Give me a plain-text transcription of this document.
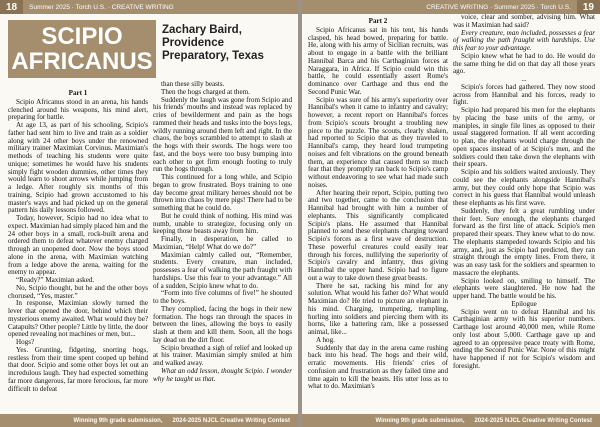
18	Summer 2025 · Torch U.S. · CREATIVE WRITING
SCIPIO
AFRICANUS
Zachary Baird, Providence Preparatory, Texas

Part 1

Scipio Africanus stood in an arena, his hands clenched around his weapons, his mind alert, preparing for battle.

At age 13, as part of his schooling, Scipio's father had sent him to live and train as a soldier along with 24 other boys under the renowned military trainer Maximian Corvinus. Maximian's methods of teaching his students were quite unique; sometimes he would have his students simply fight wooden dummies, other times they would learn to shoot arrows while jumping from a ledge. After roughly six months of this training, Scipio had grown accustomed to his master's ways and had picked up on the general pattern his daily lessons followed.

Today, however, Scipio had no idea what to expect. Maximian had simply placed him and the 24 other boys in a small, rock-built arena and ordered them to defeat whatever enemy charged through an unopened door. Now the boys stood alone in the arena, with Maximian watching from a ledge above the arena, waiting for the enemy to appear.

“Ready?” Maximian asked.

No, Scipio thought, but he and the other boys chorused, “Yes, master.”

In response, Maximian slowly turned the lever that opened the door, behind which their mysterious enemy awaited. What would they be? Catapults? Other people? Little by little, the door opened revealing not machines or men, but...

Hogs?

Yes. Grunting, fidgeting, snorting hogs, restless from their time spent cooped up behind that door. Scipio and some other boys let out an incredulous laugh. They had expected something far more dangerous, far more ferocious, far more difficult to defeat

than these silly beasts.

Then the hogs charged at them.

Suddenly the laugh was gone from Scipio and his friends' mouths and instead was replaced by cries of bewilderment and pain as the hogs rammed their heads and tusks into the boys legs, wildly running around them left and right. In the chaos, the boys scrambled to attempt to slash at the hogs with their swords. The hogs were too fast, and the boys were too busy bumping into each other to get firm enough footing to truly run the hogs through.

This continued for a long while, and Scipio began to grow frustrated. Boys training to one day become great military heroes should not be thrown into chaos by mere pigs! There had to be something that he could do.

But he could think of nothing. His mind was numb, unable to strategize, focusing only on keeping those beasts away from him.

Finally, in desperation, he called to Maximian, “Help! What do we do?”

Maximian calmly called out, “Remember, students. Every creature, man included, possesses a fear of walking the path fraught with hardships. Use this fear to your advantage.” All of a sudden, Scipio knew what to do.

“Form into five columns of five!” he shouted to the boys.

They complied, facing the hogs in their new formation. The hogs ran through the spaces in between the lines, allowing the boys to easily slash at them and kill them. Soon, all the hogs lay dead on the dirt floor.

Scipio breathed a sigh of relief and looked up at his trainer. Maximian simply smiled at him and walked away.

What an odd lesson, thought Scipio. I wonder why he taught us that.

Winning 9th grade submission, 2024-2025 NJCL Creative Writing Contest
CREATIVE WRITING · Summer 2025 · Torch U.S.	19

Part 2

Scipio Africanus sat in his tent, his hands clasped, his head bowed, preparing for battle. He, along with his army of Sicilian recruits, was about to engage in a battle with the brilliant Hannibal Barca and his Carthaginian forces at Naraggara, in Africa. If Scipio could win this battle, he could essentially assert Rome's dominance over Carthage and thus end the Second Punic War.

Scipio was sure of his army's superiority over Hannibal's when it came to infantry and cavalry; however, a recent report on Hannibal's forces from Scipio's scouts brought a troubling new piece to the puzzle. The scouts, clearly shaken, had reported to Scipio that as they traveled to Hannibal's camp, they heard loud trumpeting noises and felt vibrations on the ground beneath them, an experience that caused them so much fear that they promptly ran back to Scipio's camp without endeavoring to see what had made such noises.

After hearing their report, Scipio, putting two and two together, came to the conclusion that Hannibal had brought with him a number of elephants. This significantly complicated Scipio's plans. He assumed that Hannibal planned to send these elephants charging toward Scipio's forces as a first wave of destruction. These powerful creatures could easily tear through his forces, nullifying the superiority of Scipio's cavalry and infantry, thus giving Hannibal the upper hand. Scipio had to figure out a way to take down these great beasts.

There he sat, racking his mind for any solution. What would his father do? What would Maximian do? He tried to picture an elephant in his mind. Charging, trumpeting, trampling, hurling into soldiers and piercing them with its horns, like a battering ram, like a possessed animal, like...

A hog.

Suddenly that day in the arena came rushing back into his head. The hogs and their wild, erratic movements. His friends' cries of confusion and frustration as they failed time and time again to kill the beasts. His utter loss as to what to do. Maximian's

voice, clear and somber, advising him. What was it Maximian had said?

Every creature, man included, possesses a fear of walking the path fraught with hardships. Use this fear to your advantage.

Scipio knew what he had to do. He would do the same thing he did on that day all those years ago.

...

Scipio's forces had gathered. They now stood across from Hannibal and his forces, ready to fight.

Scipio had prepared his men for the elephants by placing the base units of the army, or maniples, in single file lines as opposed to their usual staggered formation. If all went according to plan, the elephants would charge through the open spaces instead of at Scipio's men, and the soldiers could then take down the elephants with their spears.

Scipio and his soldiers waited anxiously. They could see the elephants alongside Hannibal's army, but they could only hope that Scipio was correct in his guess that Hannibal would unleash these elephants as his first wave.

Suddenly, they felt a great rumbling under their feet. Sure enough, the elephants charged forward as the first line of attack. Scipio's men prepared their spears. They knew what to do now. The elephants stampeded towards Scipio and his army, and, just as Scipio had predicted, they ran straight through the empty lines. From there, it was an easy task for the soldiers and spearmen to massacre the elephants.

Scipio looked on, smiling to himself. The elephants were slaughtered. He now had the upper hand. The battle would be his.

Epilogue

Scipio went on to defeat Hannibal and his Carthaginian army with his superior numbers. Carthage lost around 40,000 men, while Rome only lost about 5,000. Carthage gave up and agreed to an oppressive peace treaty with Rome, ending the Second Punic War. None of this might have happened if not for Scipio's wisdom and foresight.

Winning 9th grade submission, 2024-2025 NJCL Creative Writing Contest
